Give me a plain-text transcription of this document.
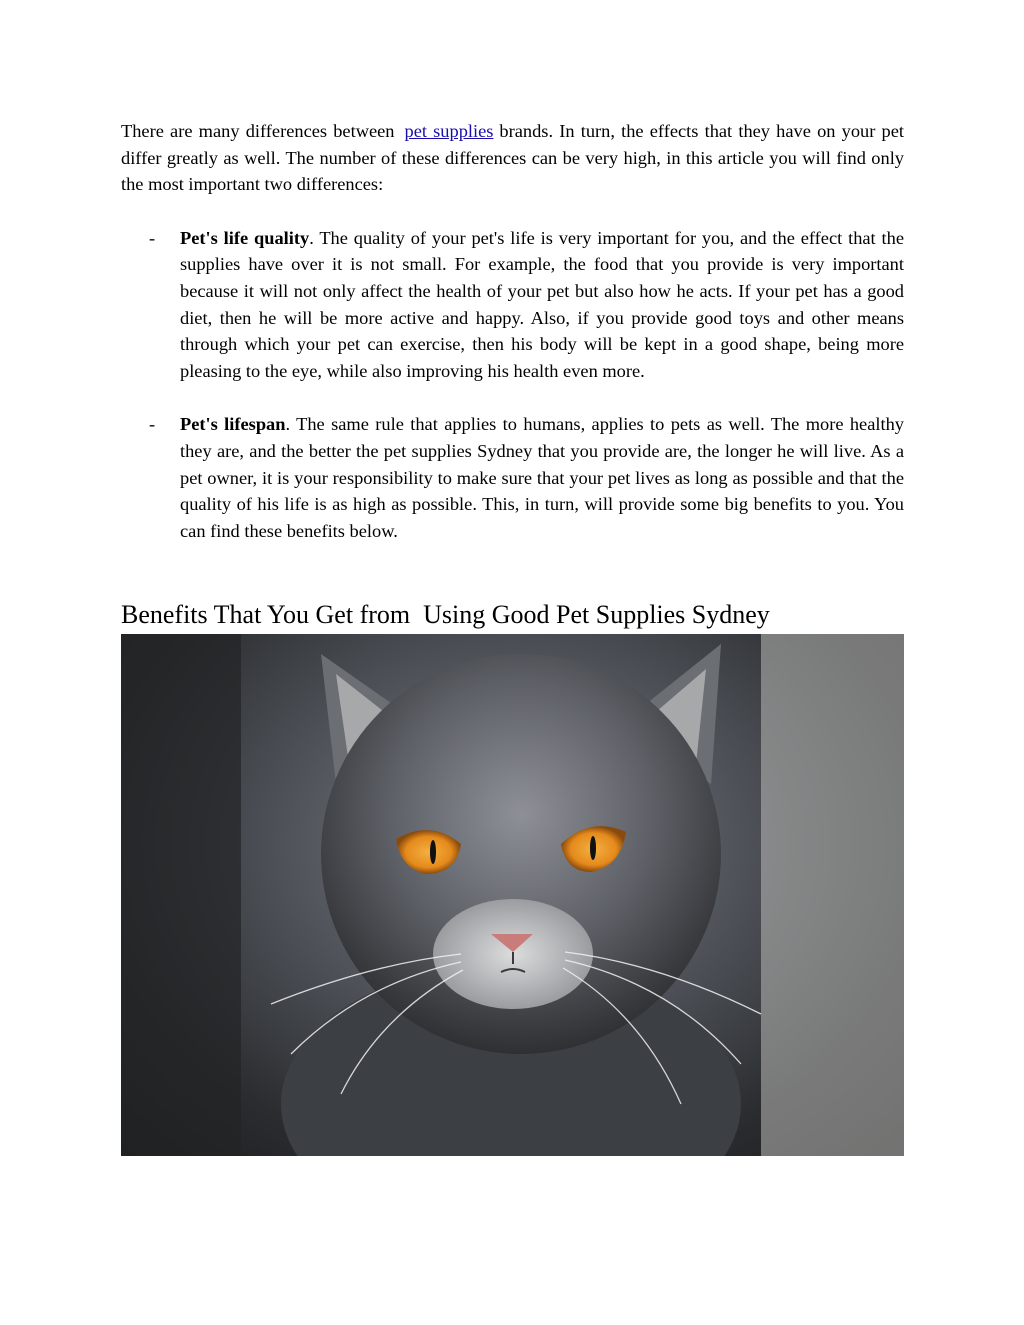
There are many differences between pet supplies brands. In turn, the effects that they have on your pet differ greatly as well. The number of these differences can be very high, in this article you will find only the most important two differences:

- Pet's life quality. The quality of your pet's life is very important for you, and the effect that the supplies have over it is not small. For example, the food that you provide is very important because it will not only affect the health of your pet but also how he acts. If your pet has a good diet, then he will be more active and happy. Also, if you provide good toys and other means through which your pet can exercise, then his body will be kept in a good shape, being more pleasing to the eye, while also improving his health even more.
- Pet's lifespan. The same rule that applies to humans, applies to pets as well. The more healthy they are, and the better the pet supplies Sydney that you provide are, the longer he will live. As a pet owner, it is your responsibility to make sure that your pet lives as long as possible and that the quality of his life is as high as possible. This, in turn, will provide some big benefits to you. You can find these benefits below.
Benefits That You Get from  Using Good Pet Supplies Sydney
